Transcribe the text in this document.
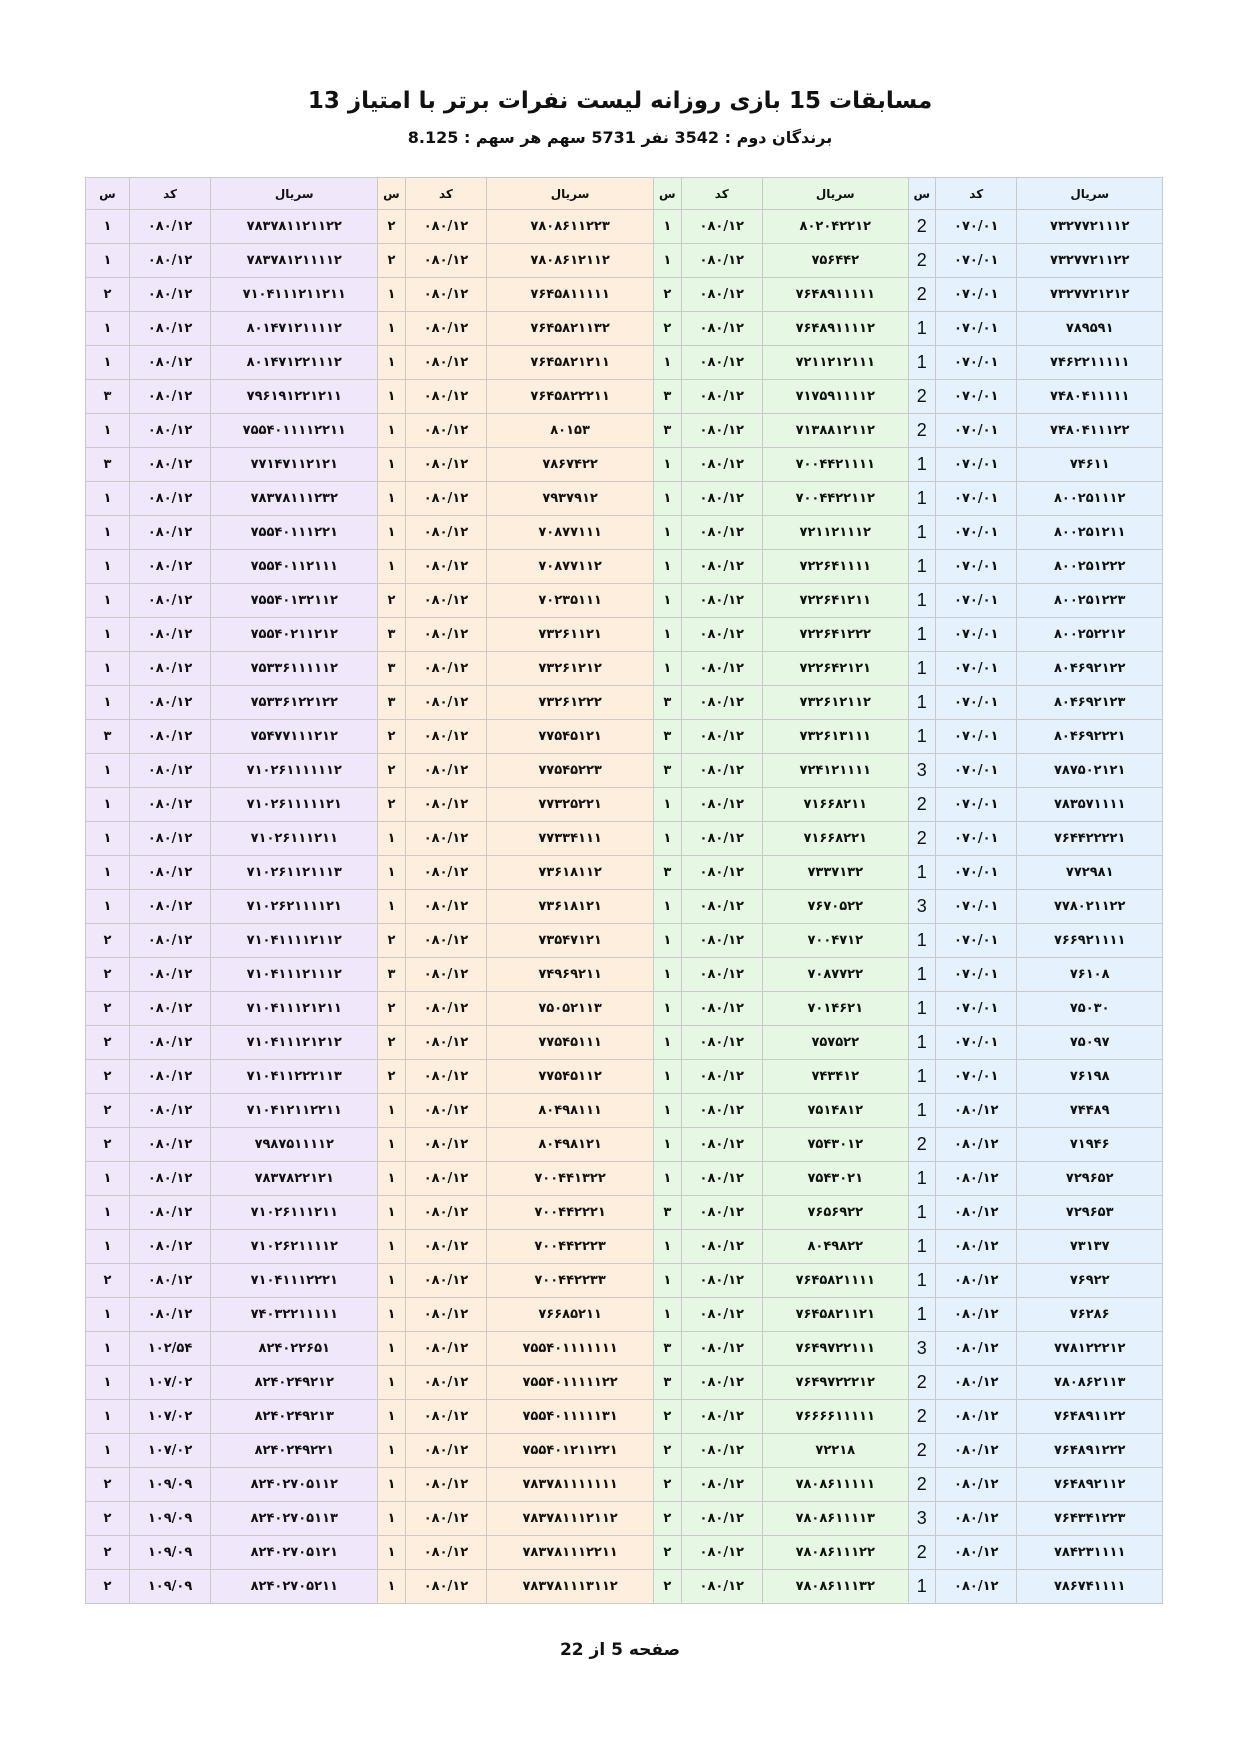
مسابقات 15 بازی روزانه لیست نفرات برتر با امتیاز 13
برندگان دوم : 3542 نفر 5731 سهم هر سهم : 8.125
سریال	کد	س	سریال	کد	س	سریال	کد	س	سریال	کد	س
۷۳۲۷۷۲۱۱۱۲	۰۷۰/۰۱	2	۸۰۲۰۴۲۲۱۲	۰۸۰/۱۲	۱	۷۸۰۸۶۱۱۲۲۳	۰۸۰/۱۲	۲	۷۸۳۷۸۱۱۲۱۱۲۲	۰۸۰/۱۲	۱
۷۳۲۷۷۲۱۱۲۲	۰۷۰/۰۱	2	۷۵۶۴۴۲	۰۸۰/۱۲	۱	۷۸۰۸۶۱۲۱۱۲	۰۸۰/۱۲	۲	۷۸۳۷۸۱۲۱۱۱۱۲	۰۸۰/۱۲	۱
۷۳۲۷۷۲۱۲۱۲	۰۷۰/۰۱	2	۷۶۴۸۹۱۱۱۱۱	۰۸۰/۱۲	۲	۷۶۴۵۸۱۱۱۱۱	۰۸۰/۱۲	۱	۷۱۰۴۱۱۱۲۱۱۲۱۱	۰۸۰/۱۲	۲
۷۸۹۵۹۱	۰۷۰/۰۱	1	۷۶۴۸۹۱۱۱۱۲	۰۸۰/۱۲	۲	۷۶۴۵۸۲۱۱۳۲	۰۸۰/۱۲	۱	۸۰۱۴۷۱۲۱۱۱۱۲	۰۸۰/۱۲	۱
۷۴۶۲۲۱۱۱۱۱	۰۷۰/۰۱	1	۷۲۱۱۲۱۲۱۱۱	۰۸۰/۱۲	۱	۷۶۴۵۸۲۱۲۱۱	۰۸۰/۱۲	۱	۸۰۱۴۷۱۲۲۱۱۱۲	۰۸۰/۱۲	۱
۷۴۸۰۴۱۱۱۱۱	۰۷۰/۰۱	2	۷۱۷۵۹۱۱۱۱۲	۰۸۰/۱۲	۳	۷۶۴۵۸۲۲۲۱۱	۰۸۰/۱۲	۱	۷۹۶۱۹۱۲۲۱۲۱۱	۰۸۰/۱۲	۳
۷۴۸۰۴۱۱۱۲۲	۰۷۰/۰۱	2	۷۱۳۸۸۱۲۱۱۲	۰۸۰/۱۲	۳	۸۰۱۵۳	۰۸۰/۱۲	۱	۷۵۵۴۰۱۱۱۱۲۲۱۱	۰۸۰/۱۲	۱
۷۴۶۱۱	۰۷۰/۰۱	1	۷۰۰۴۴۲۱۱۱۱	۰۸۰/۱۲	۱	۷۸۶۷۴۲۲	۰۸۰/۱۲	۱	۷۷۱۴۷۱۱۲۱۲۱	۰۸۰/۱۲	۳
۸۰۰۲۵۱۱۱۲	۰۷۰/۰۱	1	۷۰۰۴۴۲۲۱۱۲	۰۸۰/۱۲	۱	۷۹۳۷۹۱۲	۰۸۰/۱۲	۱	۷۸۳۷۸۱۱۱۲۳۲	۰۸۰/۱۲	۱
۸۰۰۲۵۱۲۱۱	۰۷۰/۰۱	1	۷۲۱۱۲۱۱۱۲	۰۸۰/۱۲	۱	۷۰۸۷۷۱۱۱	۰۸۰/۱۲	۱	۷۵۵۴۰۱۱۱۲۲۱	۰۸۰/۱۲	۱
۸۰۰۲۵۱۲۲۲	۰۷۰/۰۱	1	۷۲۲۶۴۱۱۱۱	۰۸۰/۱۲	۱	۷۰۸۷۷۱۱۲	۰۸۰/۱۲	۱	۷۵۵۴۰۱۱۲۱۱۱	۰۸۰/۱۲	۱
۸۰۰۲۵۱۲۲۳	۰۷۰/۰۱	1	۷۲۲۶۴۱۲۱۱	۰۸۰/۱۲	۱	۷۰۲۳۵۱۱۱	۰۸۰/۱۲	۲	۷۵۵۴۰۱۳۲۱۱۲	۰۸۰/۱۲	۱
۸۰۰۲۵۲۲۱۲	۰۷۰/۰۱	1	۷۲۲۶۴۱۲۲۲	۰۸۰/۱۲	۱	۷۳۲۶۱۱۲۱	۰۸۰/۱۲	۳	۷۵۵۴۰۲۱۱۲۱۲	۰۸۰/۱۲	۱
۸۰۴۶۹۲۱۲۲	۰۷۰/۰۱	1	۷۲۲۶۴۲۱۲۱	۰۸۰/۱۲	۱	۷۳۲۶۱۲۱۲	۰۸۰/۱۲	۳	۷۵۳۳۶۱۱۱۱۱۲	۰۸۰/۱۲	۱
۸۰۴۶۹۲۱۲۳	۰۷۰/۰۱	1	۷۳۲۶۱۲۱۱۲	۰۸۰/۱۲	۳	۷۳۲۶۱۲۲۲	۰۸۰/۱۲	۳	۷۵۳۳۶۱۲۲۱۲۲	۰۸۰/۱۲	۱
۸۰۴۶۹۲۲۲۱	۰۷۰/۰۱	1	۷۳۲۶۱۳۱۱۱	۰۸۰/۱۲	۳	۷۷۵۴۵۱۲۱	۰۸۰/۱۲	۲	۷۵۴۷۷۱۱۱۲۱۲	۰۸۰/۱۲	۳
۷۸۷۵۰۲۱۲۱	۰۷۰/۰۱	3	۷۲۴۱۲۱۱۱۱	۰۸۰/۱۲	۳	۷۷۵۴۵۲۲۳	۰۸۰/۱۲	۲	۷۱۰۲۶۱۱۱۱۱۱۲	۰۸۰/۱۲	۱
۷۸۳۵۷۱۱۱۱	۰۷۰/۰۱	2	۷۱۶۶۸۲۱۱	۰۸۰/۱۲	۱	۷۷۳۲۵۲۲۱	۰۸۰/۱۲	۲	۷۱۰۲۶۱۱۱۱۱۲۱	۰۸۰/۱۲	۱
۷۶۴۴۲۲۲۲۱	۰۷۰/۰۱	2	۷۱۶۶۸۲۲۱	۰۸۰/۱۲	۱	۷۷۳۳۴۱۱۱	۰۸۰/۱۲	۱	۷۱۰۲۶۱۱۱۲۱۱	۰۸۰/۱۲	۱
۷۷۲۹۸۱	۰۷۰/۰۱	1	۷۳۳۷۱۳۲	۰۸۰/۱۲	۳	۷۳۶۱۸۱۱۲	۰۸۰/۱۲	۱	۷۱۰۲۶۱۱۲۱۱۱۳	۰۸۰/۱۲	۱
۷۷۸۰۲۱۱۲۲	۰۷۰/۰۱	3	۷۶۷۰۵۲۲	۰۸۰/۱۲	۱	۷۳۶۱۸۱۲۱	۰۸۰/۱۲	۱	۷۱۰۲۶۲۱۱۱۱۲۱	۰۸۰/۱۲	۱
۷۶۶۹۲۱۱۱۱	۰۷۰/۰۱	1	۷۰۰۴۷۱۲	۰۸۰/۱۲	۱	۷۳۵۴۷۱۲۱	۰۸۰/۱۲	۲	۷۱۰۴۱۱۱۱۲۱۱۲	۰۸۰/۱۲	۲
۷۶۱۰۸	۰۷۰/۰۱	1	۷۰۸۷۷۲۲	۰۸۰/۱۲	۱	۷۴۹۶۹۲۱۱	۰۸۰/۱۲	۳	۷۱۰۴۱۱۱۲۱۱۱۲	۰۸۰/۱۲	۲
۷۵۰۳۰	۰۷۰/۰۱	1	۷۰۱۴۶۲۱	۰۸۰/۱۲	۱	۷۵۰۵۲۱۱۳	۰۸۰/۱۲	۲	۷۱۰۴۱۱۱۲۱۲۱۱	۰۸۰/۱۲	۲
۷۵۰۹۷	۰۷۰/۰۱	1	۷۵۷۵۲۲	۰۸۰/۱۲	۱	۷۷۵۴۵۱۱۱	۰۸۰/۱۲	۲	۷۱۰۴۱۱۱۲۱۲۱۲	۰۸۰/۱۲	۲
۷۶۱۹۸	۰۷۰/۰۱	1	۷۴۳۴۱۲	۰۸۰/۱۲	۱	۷۷۵۴۵۱۱۲	۰۸۰/۱۲	۲	۷۱۰۴۱۱۲۲۲۱۱۳	۰۸۰/۱۲	۲
۷۴۴۸۹	۰۸۰/۱۲	1	۷۵۱۴۸۱۲	۰۸۰/۱۲	۱	۸۰۴۹۸۱۱۱	۰۸۰/۱۲	۱	۷۱۰۴۱۲۱۱۲۲۱۱	۰۸۰/۱۲	۲
۷۱۹۴۶	۰۸۰/۱۲	2	۷۵۴۳۰۱۲	۰۸۰/۱۲	۱	۸۰۴۹۸۱۲۱	۰۸۰/۱۲	۱	۷۹۸۷۵۱۱۱۱۲	۰۸۰/۱۲	۲
۷۲۹۶۵۲	۰۸۰/۱۲	1	۷۵۴۳۰۲۱	۰۸۰/۱۲	۱	۷۰۰۴۴۱۳۲۲	۰۸۰/۱۲	۱	۷۸۳۷۸۲۲۱۲۱	۰۸۰/۱۲	۱
۷۲۹۶۵۳	۰۸۰/۱۲	1	۷۶۵۶۹۲۲	۰۸۰/۱۲	۳	۷۰۰۴۴۲۲۲۱	۰۸۰/۱۲	۱	۷۱۰۲۶۱۱۱۲۱۱	۰۸۰/۱۲	۱
۷۳۱۳۷	۰۸۰/۱۲	1	۸۰۴۹۸۲۲	۰۸۰/۱۲	۱	۷۰۰۴۴۲۲۲۳	۰۸۰/۱۲	۱	۷۱۰۲۶۲۱۱۱۱۲	۰۸۰/۱۲	۱
۷۶۹۲۲	۰۸۰/۱۲	1	۷۶۴۵۸۲۱۱۱۱	۰۸۰/۱۲	۱	۷۰۰۴۴۲۲۳۳	۰۸۰/۱۲	۱	۷۱۰۴۱۱۱۲۲۲۱	۰۸۰/۱۲	۲
۷۶۲۸۶	۰۸۰/۱۲	1	۷۶۴۵۸۲۱۱۲۱	۰۸۰/۱۲	۱	۷۶۶۸۵۲۱۱	۰۸۰/۱۲	۱	۷۴۰۳۲۲۱۱۱۱۱	۰۸۰/۱۲	۱
۷۷۸۱۲۲۲۱۲	۰۸۰/۱۲	3	۷۶۴۹۷۲۲۱۱۱	۰۸۰/۱۲	۳	۷۵۵۴۰۱۱۱۱۱۱۱	۰۸۰/۱۲	۱	۸۲۴۰۲۲۶۵۱	۱۰۲/۵۴	۱
۷۸۰۸۶۲۱۱۳	۰۸۰/۱۲	2	۷۶۴۹۷۲۲۲۱۲	۰۸۰/۱۲	۳	۷۵۵۴۰۱۱۱۱۱۲۲	۰۸۰/۱۲	۱	۸۲۴۰۲۴۹۲۱۲	۱۰۷/۰۲	۱
۷۶۴۸۹۱۱۲۲	۰۸۰/۱۲	2	۷۶۶۶۶۱۱۱۱۱	۰۸۰/۱۲	۲	۷۵۵۴۰۱۱۱۱۱۳۱	۰۸۰/۱۲	۱	۸۲۴۰۲۴۹۲۱۳	۱۰۷/۰۲	۱
۷۶۴۸۹۱۲۲۲	۰۸۰/۱۲	2	۷۲۲۱۸	۰۸۰/۱۲	۲	۷۵۵۴۰۱۲۱۱۲۲۱	۰۸۰/۱۲	۱	۸۲۴۰۲۴۹۲۲۱	۱۰۷/۰۲	۱
۷۶۴۸۹۲۱۱۲	۰۸۰/۱۲	2	۷۸۰۸۶۱۱۱۱۱	۰۸۰/۱۲	۲	۷۸۳۷۸۱۱۱۱۱۱۱	۰۸۰/۱۲	۱	۸۲۴۰۲۷۰۵۱۱۲	۱۰۹/۰۹	۲
۷۶۴۳۴۱۲۲۳	۰۸۰/۱۲	3	۷۸۰۸۶۱۱۱۱۳	۰۸۰/۱۲	۲	۷۸۳۷۸۱۱۱۲۱۱۲	۰۸۰/۱۲	۱	۸۲۴۰۲۷۰۵۱۱۳	۱۰۹/۰۹	۲
۷۸۴۲۳۱۱۱۱	۰۸۰/۱۲	2	۷۸۰۸۶۱۱۱۲۲	۰۸۰/۱۲	۲	۷۸۳۷۸۱۱۱۲۲۱۱	۰۸۰/۱۲	۱	۸۲۴۰۲۷۰۵۱۲۱	۱۰۹/۰۹	۲
۷۸۶۷۴۱۱۱۱	۰۸۰/۱۲	1	۷۸۰۸۶۱۱۱۳۲	۰۸۰/۱۲	۲	۷۸۳۷۸۱۱۱۳۱۱۲	۰۸۰/۱۲	۱	۸۲۴۰۲۷۰۵۲۱۱	۱۰۹/۰۹	۲
صفحه 5 از 22
